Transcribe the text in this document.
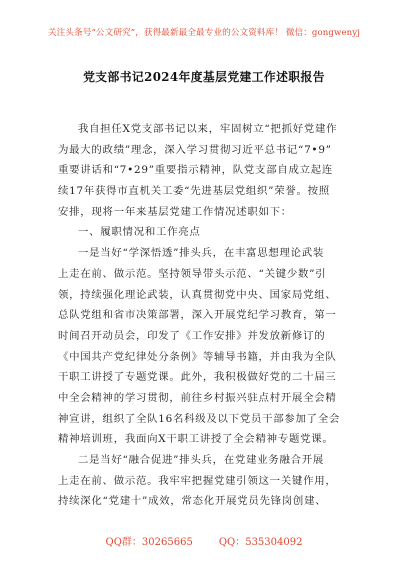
关注头条号“公文研究”，获得最新最全最专业的公文资料库！ 微信：gongwenyj
党支部书记2024年度基层党建工作述职报告
我自担任X党支部书记以来，牢固树立“把抓好党建作
为最大的政绩”理念，深入学习贯彻习近平总书记“7•9”
重要讲话和“7•29”重要指示精神，队党支部自成立起连
续17年获得市直机关工委“先进基层党组织”荣誉。按照
安排，现将一年来基层党建工作情况述职如下：
一、履职情况和工作亮点
一是当好“学深悟透”排头兵，在丰富思想理论武装
上走在前、做示范。坚持领导带头示范、“关键少数”引
领，持续强化理论武装，认真贯彻党中央、国家局党组、
总队党组和省市决策部署，深入开展党纪学习教育，第一
时间召开动员会，印发了《工作安排》并发放新修订的
《中国共产党纪律处分条例》等辅导书籍，并由我为全队
干职工讲授了专题党课。此外，我积极做好党的二十届三
中全会精神的学习贯彻，前往乡村振兴驻点村开展全会精
神宣讲，组织了全队16名科级及以下党员干部参加了全会
精神培训班，我面向X干职工讲授了全会精神专题党课。
二是当好“融合促进”排头兵，在党建业务融合开展
上走在前、做示范。我牢牢把握党建引领这一关键作用，
持续深化“党建十”成效，常态化开展党员先锋岗创建、
QQ群：30265665	QQ：535304092
